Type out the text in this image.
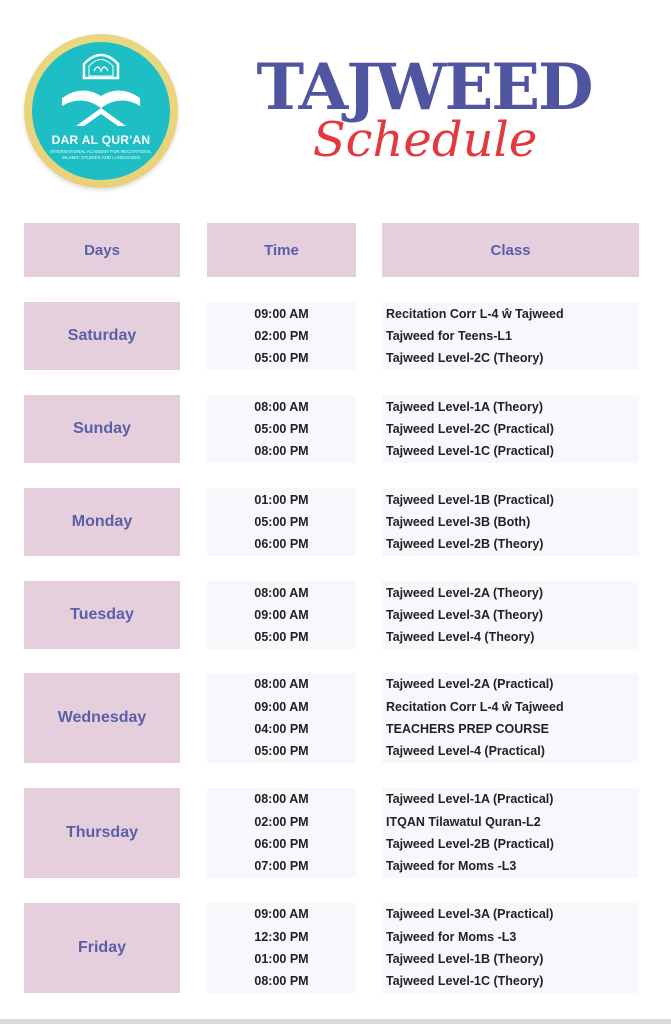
DAR AL QUR'AN
INTERNATIONAL ACADEMY FOR RECITATIONS, ISLAMIC STUDIES AND LANGUAGES
TAJWEED
Schedule
Days	Time	Class
Saturday
09:00 AM
02:00 PM
05:00 PM
Recitation Corr L-4 ŵ Tajweed
Tajweed for Teens-L1
Tajweed Level-2C (Theory)
Sunday
08:00 AM
05:00 PM
08:00 PM
Tajweed Level-1A (Theory)
Tajweed Level-2C (Practical)
Tajweed Level-1C (Practical)
Monday
01:00 PM
05:00 PM
06:00 PM
Tajweed Level-1B (Practical)
Tajweed Level-3B (Both)
Tajweed Level-2B (Theory)
Tuesday
08:00 AM
09:00 AM
05:00 PM
Tajweed Level-2A (Theory)
Tajweed Level-3A (Theory)
Tajweed Level-4 (Theory)
Wednesday
08:00 AM
09:00 AM
04:00 PM
05:00 PM
Tajweed Level-2A (Practical)
Recitation Corr L-4 ŵ Tajweed
TEACHERS PREP COURSE
Tajweed Level-4 (Practical)
Thursday
08:00 AM
02:00 PM
06:00 PM
07:00 PM
Tajweed Level-1A (Practical)
ITQAN Tilawatul Quran-L2
Tajweed Level-2B (Practical)
Tajweed for Moms -L3
Friday
09:00 AM
12:30 PM
01:00 PM
08:00 PM
Tajweed Level-3A (Practical)
Tajweed for Moms -L3
Tajweed Level-1B (Theory)
Tajweed Level-1C (Theory)
